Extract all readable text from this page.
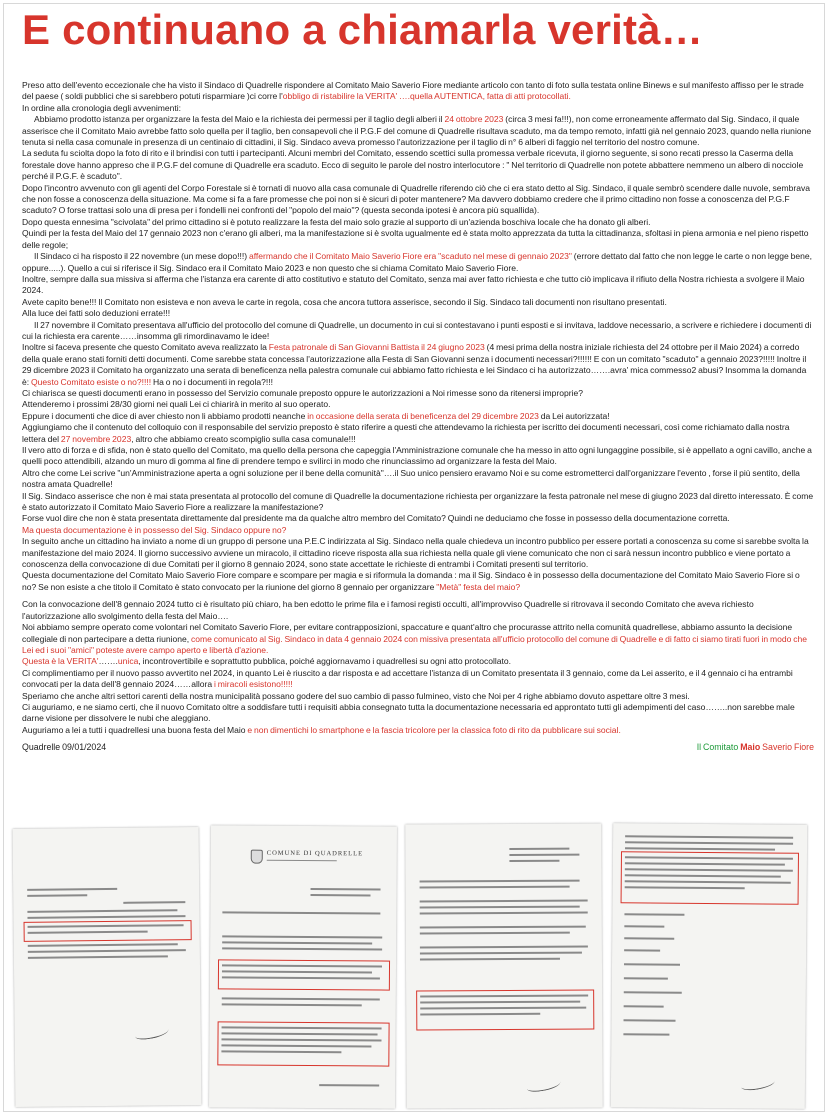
E continuano a chiamarla verità…

Preso atto dell'evento eccezionale che ha visto il Sindaco di Quadrelle rispondere al Comitato Maio Saverio Fiore mediante articolo con tanto di foto sulla testata online Binews e sul manifesto affisso per le strade del paese ( soldi pubblici che si sarebbero potuti risparmiare )ci corre l'obbligo di ristabilire la VERITA' ….quella AUTENTICA, fatta di atti protocollati.

In ordine alla cronologia degli avvenimenti:

Abbiamo prodotto istanza per organizzare la festa del Maio e la richiesta dei permessi per il taglio degli alberi il 24 ottobre 2023 (circa 3 mesi fa!!!), non come erroneamente affermato dal Sig. Sindaco, il quale asserisce che il Comitato Maio avrebbe fatto solo quella per il taglio, ben consapevoli che il P.G.F del comune di Quadrelle risultava scaduto, ma da tempo remoto, infatti già nel gennaio 2023, quando nella riunione tenuta si nella casa comunale in presenza di un centinaio di cittadini, il Sig. Sindaco aveva promesso l'autorizzazione per il taglio di n° 6 alberi di faggio nel territorio del nostro comune.

La seduta fu sciolta dopo la foto di rito e il brindisi con tutti i partecipanti. Alcuni membri del Comitato, essendo scettici sulla promessa verbale ricevuta, il giorno seguente, si sono recati presso la Caserma della forestale dove hanno appreso che il P.G.F del comune di Quadrelle era scaduto. Ecco di seguito le parole del nostro interlocutore : " Nel territorio di Quadrelle non potete abbattere nemmeno un albero di nocciole perché il P.G.F. è scaduto".

Dopo l'incontro avvenuto con gli agenti del Corpo Forestale si è tornati di nuovo alla casa comunale di Quadrelle riferendo ciò che ci era stato detto al Sig. Sindaco, il quale sembrò scendere dalle nuvole, sembrava che non fosse a conoscenza della situazione. Ma come si fa a fare promesse che poi non si è sicuri di poter mantenere? Ma davvero dobbiamo credere che il primo cittadino non fosse a conoscenza del P.G.F scaduto? O forse trattasi solo una di presa per i fondelli nei confronti del "popolo del maio"? (questa seconda ipotesi è ancora più squallida).

Dopo questa ennesima "scivolata" del primo cittadino si è potuto realizzare la festa del maio solo grazie al supporto di un'azienda boschiva locale che ha donato gli alberi.

Quindi per la festa del Maio del 17 gennaio 2023 non c'erano gli alberi, ma la manifestazione si è svolta ugualmente ed è stata molto apprezzata da tutta la cittadinanza, sfoltasi in piena armonia e nel pieno rispetto delle regole;

Il Sindaco ci ha risposto il 22 novembre (un mese dopo!!!) affermando che il Comitato Maio Saverio Fiore era "scaduto nel mese di gennaio 2023" (errore dettato dal fatto che non legge le carte o non legge bene, oppure.....). Quello a cui si riferisce il Sig. Sindaco era il Comitato Maio 2023 e non questo che si chiama Comitato Maio Saverio Fiore.

Inoltre, sempre dalla sua missiva si afferma che l'istanza era carente di atto costitutivo e statuto del Comitato, senza mai aver fatto richiesta e che tutto ciò implicava il rifiuto della Nostra richiesta a svolgere il Maio 2024.

Avete capito bene!!! Il Comitato non esisteva e non aveva le carte in regola, cosa che ancora tuttora asserisce, secondo il Sig. Sindaco tali documenti non risultano presentati.

Alla luce dei fatti solo deduzioni errate!!!

Il 27 novembre il Comitato presentava all'ufficio del protocollo del comune di Quadrelle, un documento in cui si contestavano i punti esposti e si invitava, laddove necessario, a scrivere e richiedere i documenti di cui la richiesta era carente……insomma gli rimordinavamo le idee!

Inoltre si faceva presente che questo Comitato aveva realizzato la Festa patronale di San Giovanni Battista il 24 giugno 2023 (4 mesi prima della nostra iniziale richiesta del 24 ottobre per il Maio 2024) a corredo della quale erano stati forniti detti documenti. Come sarebbe stata concessa l'autorizzazione alla Festa di San Giovanni senza i documenti necessari?!!!!!! E con un comitato "scaduto" a gennaio 2023?!!!!! Inoltre il 29 dicembre 2023 il Comitato ha organizzato una serata di beneficenza nella palestra comunale cui abbiamo fatto richiesta e lei Sindaco ci ha autorizzato…….avra' mica commesso2 abusi? Insomma la domanda è: Questo Comitato esiste o no?!!!! Ha o no i documenti in regola?!!!

Ci chiarisca se questi documenti erano in possesso del Servizio comunale preposto oppure le autorizzazioni a Noi rimesse sono da ritenersi improprie?

Attenderemo i prossimi 28/30 giorni nei quali Lei ci chiarirà in merito al suo operato.

Eppure i documenti che dice di aver chiesto non li abbiamo prodotti neanche in occasione della serata di beneficenza del 29 dicembre 2023 da Lei autorizzata!

Aggiungiamo che il contenuto del colloquio con il responsabile del servizio preposto è stato riferire a questi che attendevamo la richiesta per iscritto dei documenti necessari, così come richiamato dalla nostra lettera del 27 novembre 2023, altro che abbiamo creato scompiglio sulla casa comunale!!!

Il vero atto di forza e di sfida, non è stato quello del Comitato, ma quello della persona che capeggia l'Amministrazione comunale che ha messo in atto ogni lungaggine possibile, si è appellato a ogni cavillo, anche a quelli poco attendibili, alzando un muro di gomma al fine di prendere tempo e svilirci in modo che rinunciassimo ad organizzare la festa del Maio.

Altro che come Lei scrive "un'Amministrazione aperta a ogni soluzione per il bene della comunità"….il Suo unico pensiero eravamo Noi e su come estrometterci dall'organizzare l'evento , forse il più sentito, della nostra amata Quadrelle!

Il Sig. Sindaco asserisce che non è mai stata presentata al protocollo del comune di Quadrelle la documentazione richiesta per organizzare la festa patronale nel mese di giugno 2023 dal diretto interessato. È come è stato autorizzato il Comitato Maio Saverio Fiore a realizzare la manifestazione?

Forse vuol dire che non è stata presentata direttamente dal presidente ma da qualche altro membro del Comitato? Quindi ne deduciamo che fosse in possesso della documentazione corretta.

Ma questa documentazione è in possesso del Sig. Sindaco oppure no?

In seguito anche un cittadino ha inviato a nome di un gruppo di persone una P.E.C indirizzata al Sig. Sindaco nella quale chiedeva un incontro pubblico per essere portati a conoscenza su come si sarebbe svolta la manifestazione del maio 2024. Il giorno successivo avviene un miracolo, il cittadino riceve risposta alla sua richiesta nella quale gli viene comunicato che non ci sarà nessun incontro pubblico e viene portato a conoscenza della convocazione di due Comitati per il giorno 8 gennaio 2024, sono state accettate le richieste di entrambi i Comitati presenti sul territorio.

Questa documentazione del Comitato Maio Saverio Fiore compare e scompare per magia e si riformula la domanda : ma il Sig. Sindaco è in possesso della documentazione del Comitato Maio Saverio Fiore si o no? Se non esiste a che titolo il Comitato è stato convocato per la riunione del giorno 8 gennaio per organizzare "Metà" festa del maio?

Con la convocazione dell'8 gennaio 2024 tutto ci è risultato più chiaro, ha ben edotto le prime fila e i famosi registi occulti, all'improvviso Quadrelle si ritrovava il secondo Comitato che aveva richiesto l'autorizzazione allo svolgimento della festa del Maio….

Noi abbiamo sempre operato come volontari nel Comitato Saverio Fiore, per evitare contrapposizioni, spaccature e quant'altro che procurasse attrito nella comunità quadrellese, abbiamo assunto la decisione collegiale di non partecipare a detta riunione, come comunicato al Sig. Sindaco in data 4 gennaio 2024 con missiva presentata all'ufficio protocollo del comune di Quadrelle e di fatto ci siamo tirati fuori in modo che Lei ed i suoi "amici" poteste avere campo aperto e libertà d'azione.

Questa è la VERITA'…….unica, incontrovertibile e soprattutto pubblica, poiché aggiornavamo i quadrellesi su ogni atto protocollato.

Ci complimentiamo per il nuovo passo avvertito nel 2024, in quanto Lei è riuscito a dar risposta e ad accettare l'istanza di un Comitato presentata il 3 gennaio, come da Lei asserito, e il 4 gennaio ci ha entrambi convocati per la data dell'8 gennaio 2024……allora i miracoli esistono!!!!!

Speriamo che anche altri settori carenti della nostra municipalità possano godere del suo cambio di passo fulmineo, visto che Noi per 4 righe abbiamo dovuto aspettare oltre 3 mesi.

Ci auguriamo, e ne siamo certi, che il nuovo Comitato oltre a soddisfare tutti i requisiti abbia consegnato tutta la documentazione necessaria ed approntato tutti gli adempimenti del caso……..non sarebbe male darne visione per dissolvere le nubi che aleggiano.

Auguriamo a lei a tutti i quadrellesi una buona festa del Maio e non dimentichi lo smartphone e la fascia tricolore per la classica foto di rito da pubblicare sui social.

Quadrelle 09/01/2024	Il Comitato Maio Saverio Fiore
COMUNE DI QUADRELLE
